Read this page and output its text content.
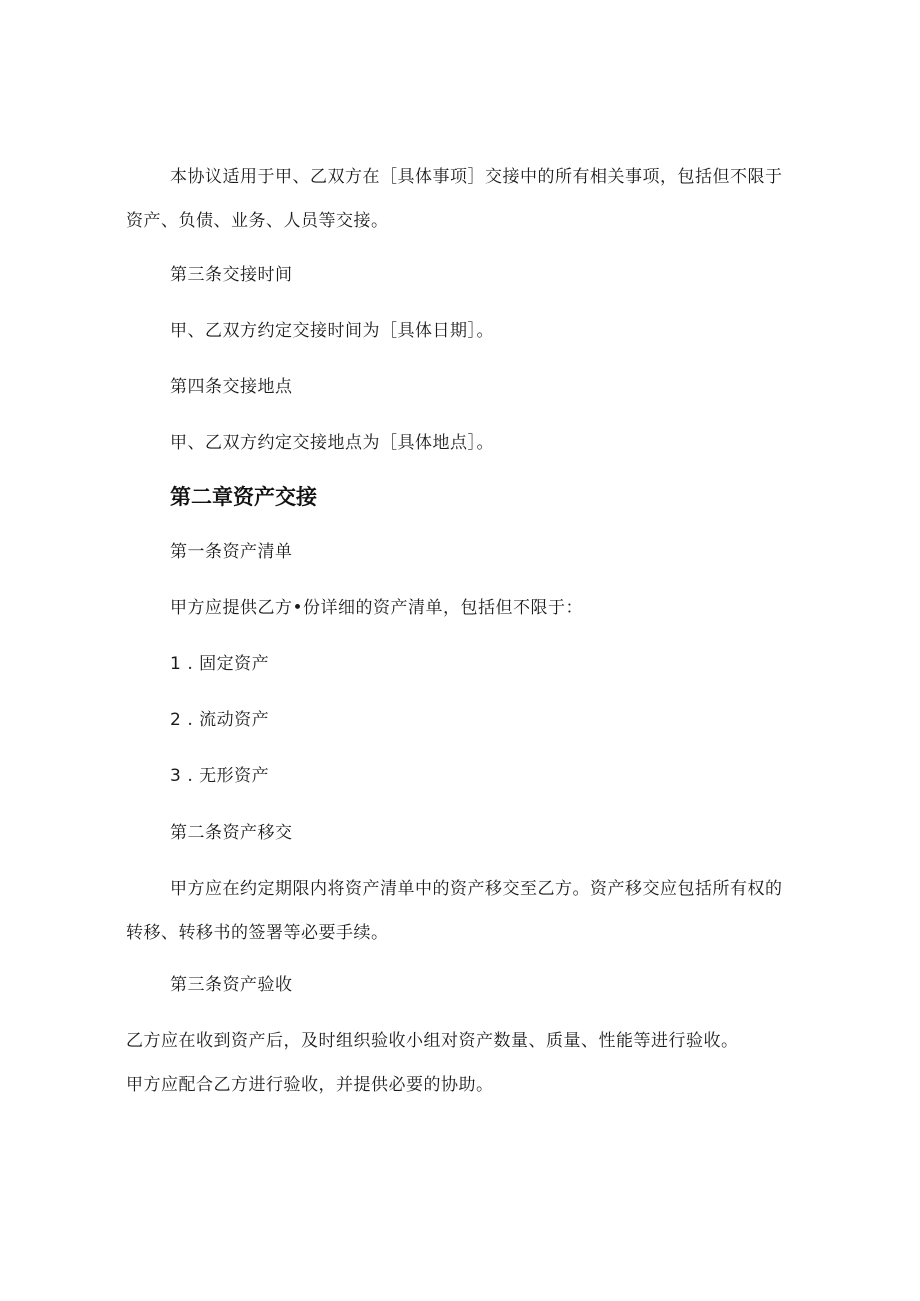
本协议适用于甲、乙双方在［具体事项］交接中的所有相关事项，包括但不限于
资产、负债、业务、人员等交接。
第三条交接时间
甲、乙双方约定交接时间为［具体日期］。
第四条交接地点
甲、乙双方约定交接地点为［具体地点］。
第二章资产交接
第一条资产清单
甲方应提供乙方•份详细的资产清单，包括但不限于：
1 . 固定资产
2 . 流动资产
3 . 无形资产
第二条资产移交
甲方应在约定期限内将资产清单中的资产移交至乙方。资产移交应包括所有权的
转移、转移书的签署等必要手续。
第三条资产验收
乙方应在收到资产后，及时组织验收小组对资产数量、质量、性能等进行验收。
甲方应配合乙方进行验收，并提供必要的协助。
